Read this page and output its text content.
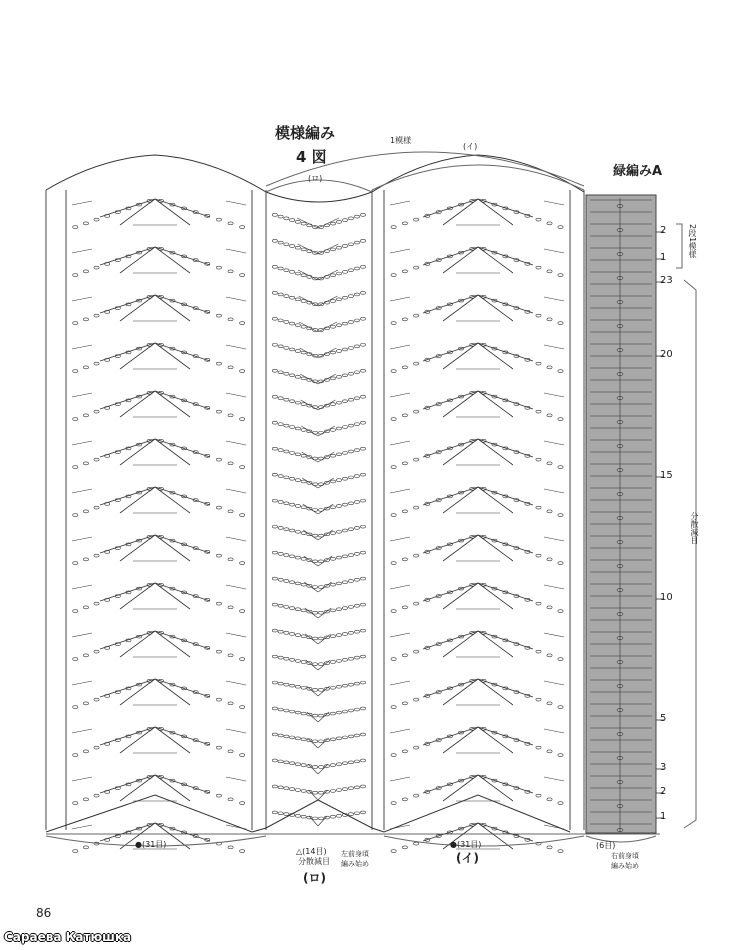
模様編み
4 図
1模様
(イ)
(ロ)	緑編みA
2段1模様
分散減目
2
1
23
20
15
10
5
3
2
1
●(31目)
△(14目)
分散減目
左前身頃
編み始め
●(31目)
(ロ)
(イ)
(6目)
右前身頃
編み始め
86
Сараева Катюшка
